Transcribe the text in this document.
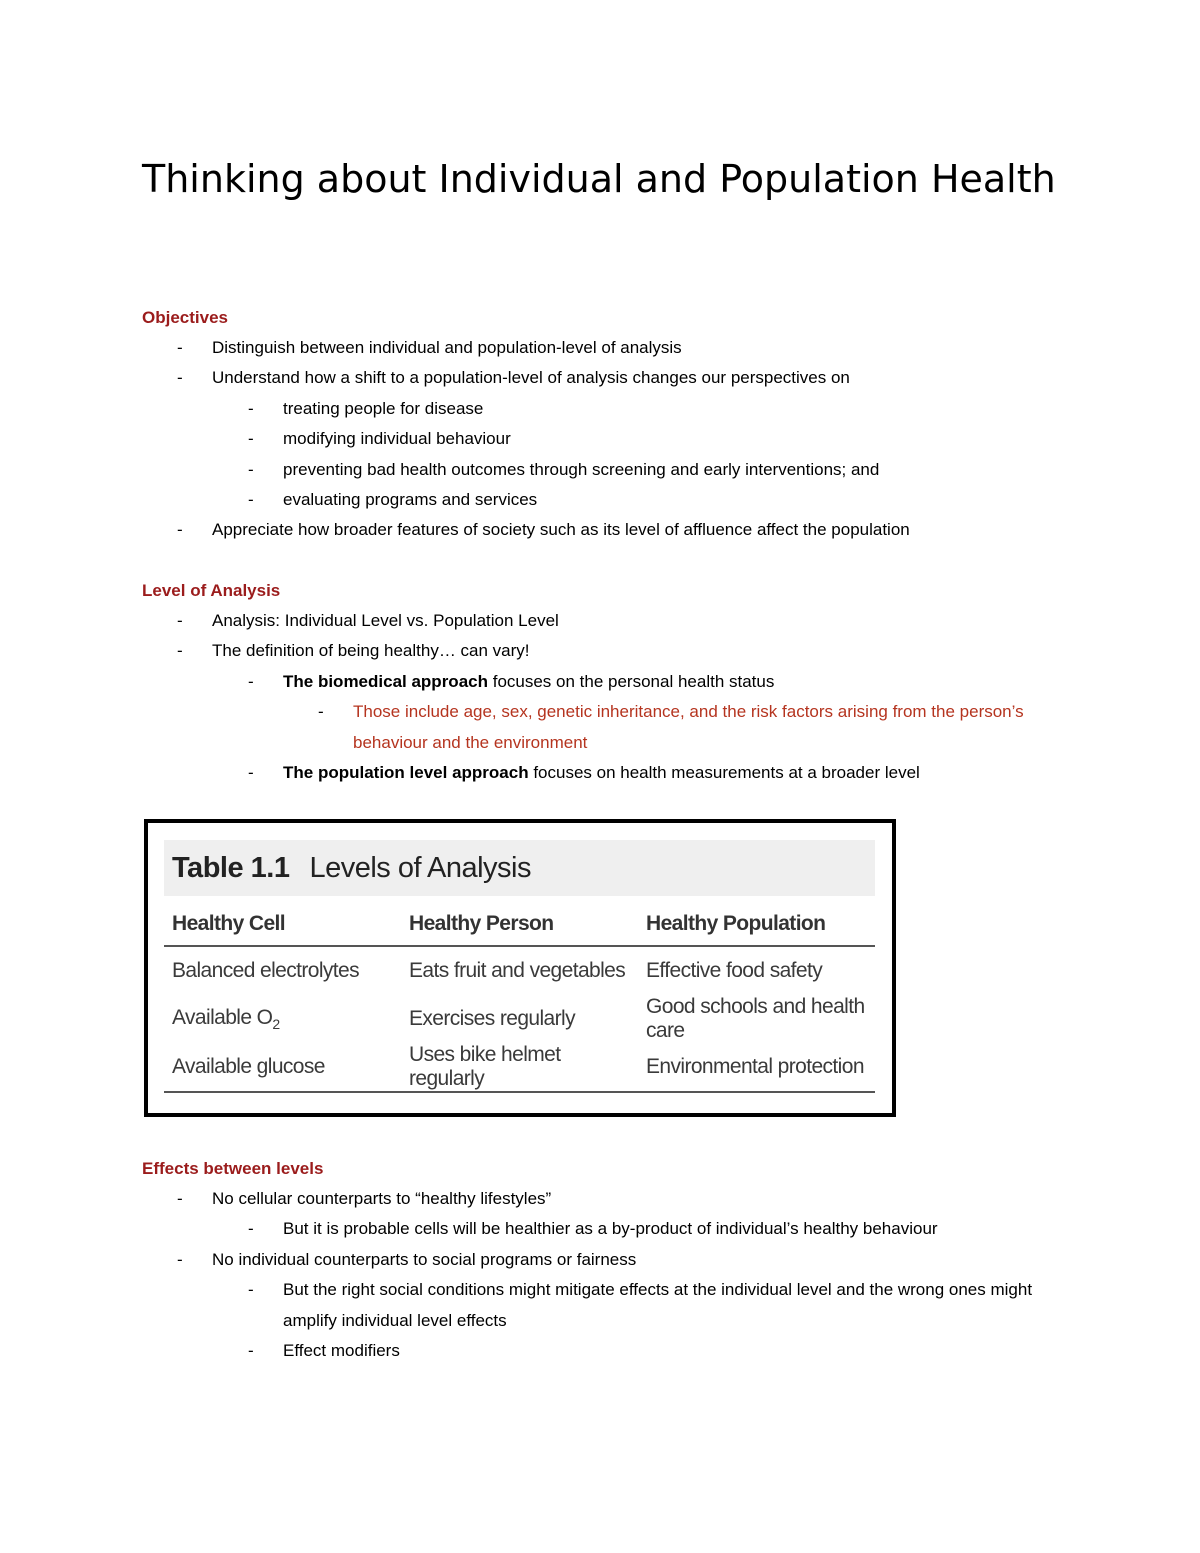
Thinking about Individual and Population Health
Objectives
- Distinguish between individual and population-level of analysis
- Understand how a shift to a population-level of analysis changes our perspectives on
- treating people for disease
- modifying individual behaviour
- preventing bad health outcomes through screening and early interventions; and
- evaluating programs and services
- Appreciate how broader features of society such as its level of affluence affect the population
Level of Analysis
- Analysis: Individual Level vs. Population Level
- The definition of being healthy… can vary!
- The biomedical approach focuses on the personal health status
- Those include age, sex, genetic inheritance, and the risk factors arising from the person’s behaviour and the environment
- The population level approach focuses on health measurements at a broader level
Table 1.1 Levels of Analysis
Healthy Cell	Healthy Person	Healthy Population
Balanced electrolytes	Eats fruit and vegetables	Effective food safety
Available $O_2$	Exercises regularly	Good schools and health care
Available glucose	Uses bike helmet regularly	Environmental protection
Effects between levels
- No cellular counterparts to “healthy lifestyles”
- But it is probable cells will be healthier as a by-product of individual’s healthy behaviour
- No individual counterparts to social programs or fairness
- But the right social conditions might mitigate effects at the individual level and the wrong ones might amplify individual level effects
- Effect modifiers
